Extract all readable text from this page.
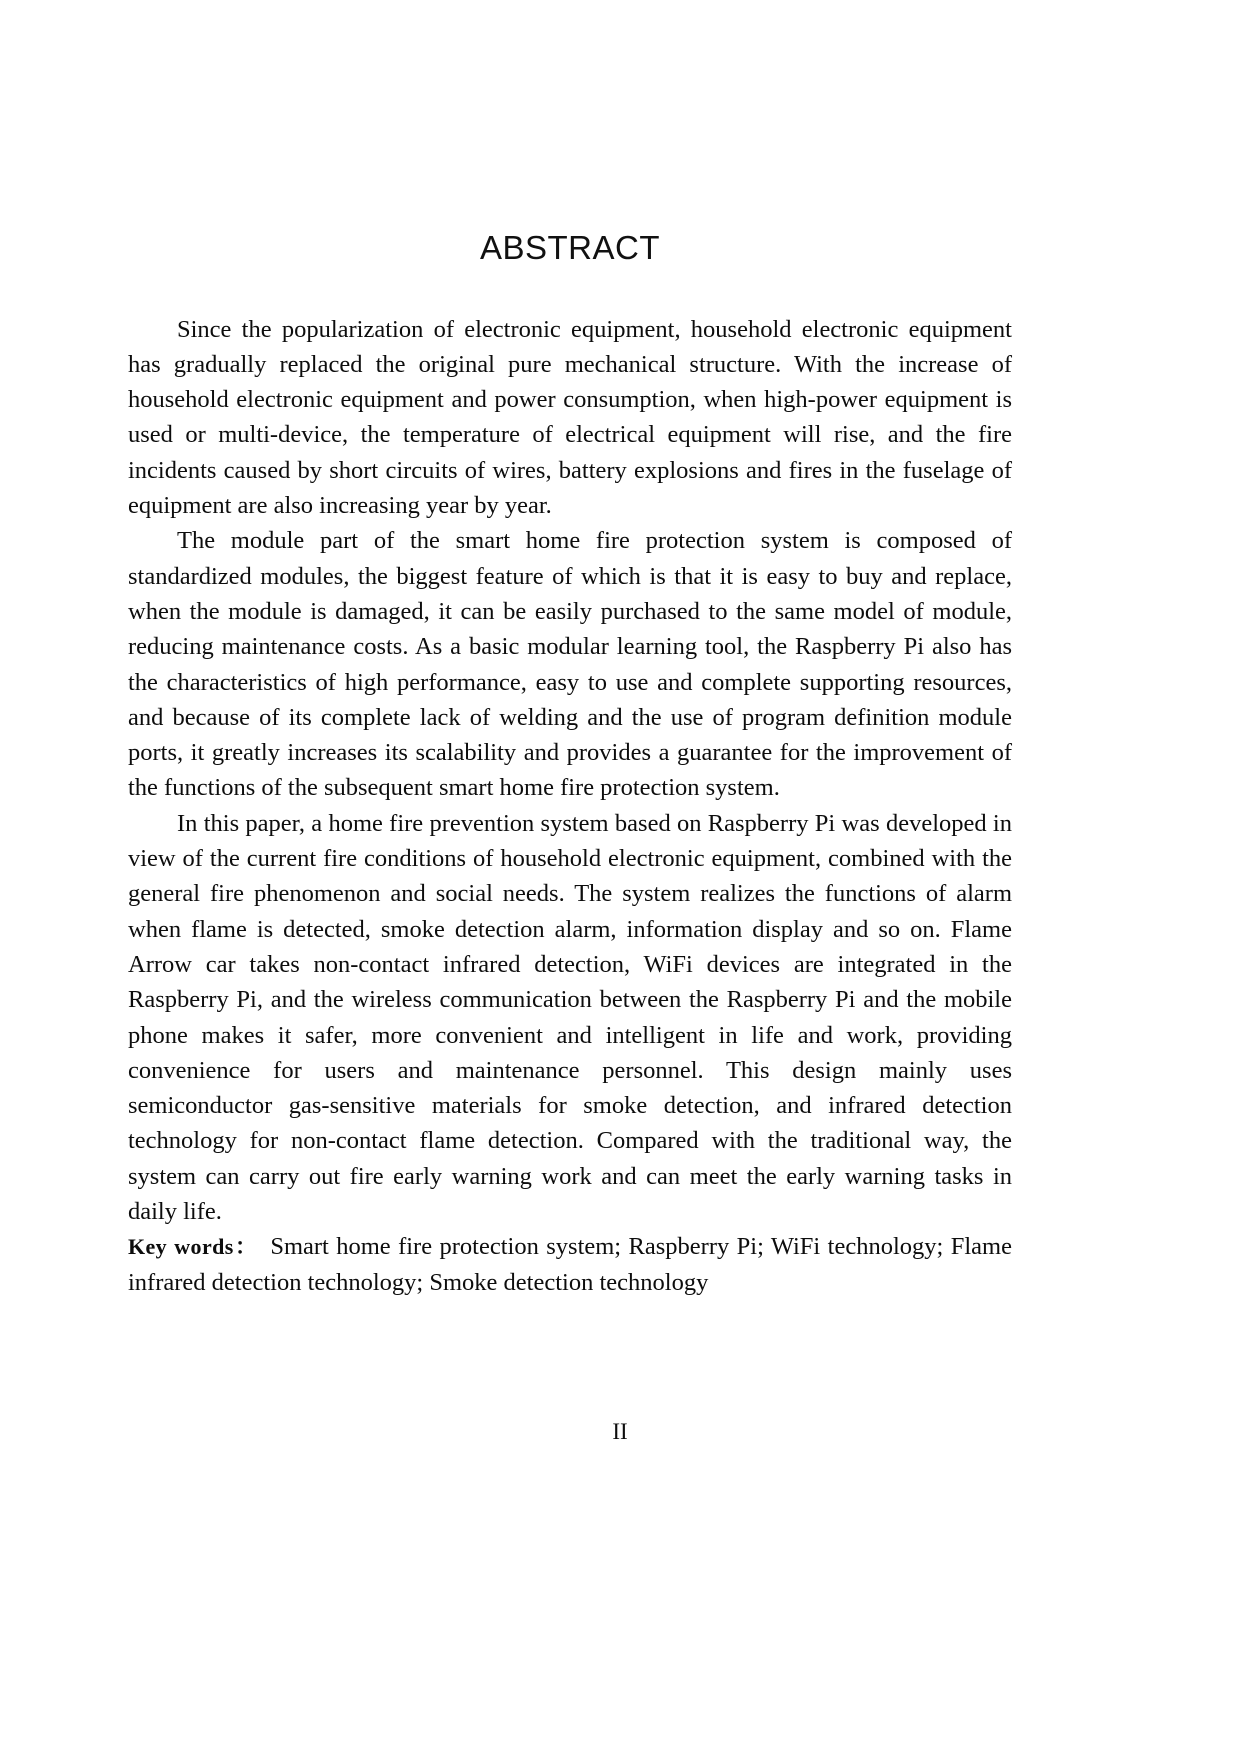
ABSTRACT

Since the popularization of electronic equipment, household electronic equipment has gradually replaced the original pure mechanical structure. With the increase of household electronic equipment and power consumption, when high-power equipment is used or multi-device, the temperature of electrical equipment will rise, and the fire incidents caused by short circuits of wires, battery explosions and fires in the fuselage of equipment are also increasing year by year.

The module part of the smart home fire protection system is composed of standardized modules, the biggest feature of which is that it is easy to buy and replace, when the module is damaged, it can be easily purchased to the same model of module, reducing maintenance costs. As a basic modular learning tool, the Raspberry Pi also has the characteristics of high performance, easy to use and complete supporting resources, and because of its complete lack of welding and the use of program definition module ports, it greatly increases its scalability and provides a guarantee for the improvement of the functions of the subsequent smart home fire protection system.

In this paper, a home fire prevention system based on Raspberry Pi was developed in view of the current fire conditions of household electronic equipment, combined with the general fire phenomenon and social needs. The system realizes the functions of alarm when flame is detected, smoke detection alarm, information display and so on. Flame Arrow car takes non-contact infrared detection, WiFi devices are integrated in the Raspberry Pi, and the wireless communication between the Raspberry Pi and the mobile phone makes it safer, more convenient and intelligent in life and work, providing convenience for users and maintenance personnel. This design mainly uses semiconductor gas-sensitive materials for smoke detection, and infrared detection technology for non-contact flame detection. Compared with the traditional way, the system can carry out fire early warning work and can meet the early warning tasks in daily life.

Key words： Smart home fire protection system; Raspberry Pi; WiFi technology; Flame infrared detection technology; Smoke detection technology

II
